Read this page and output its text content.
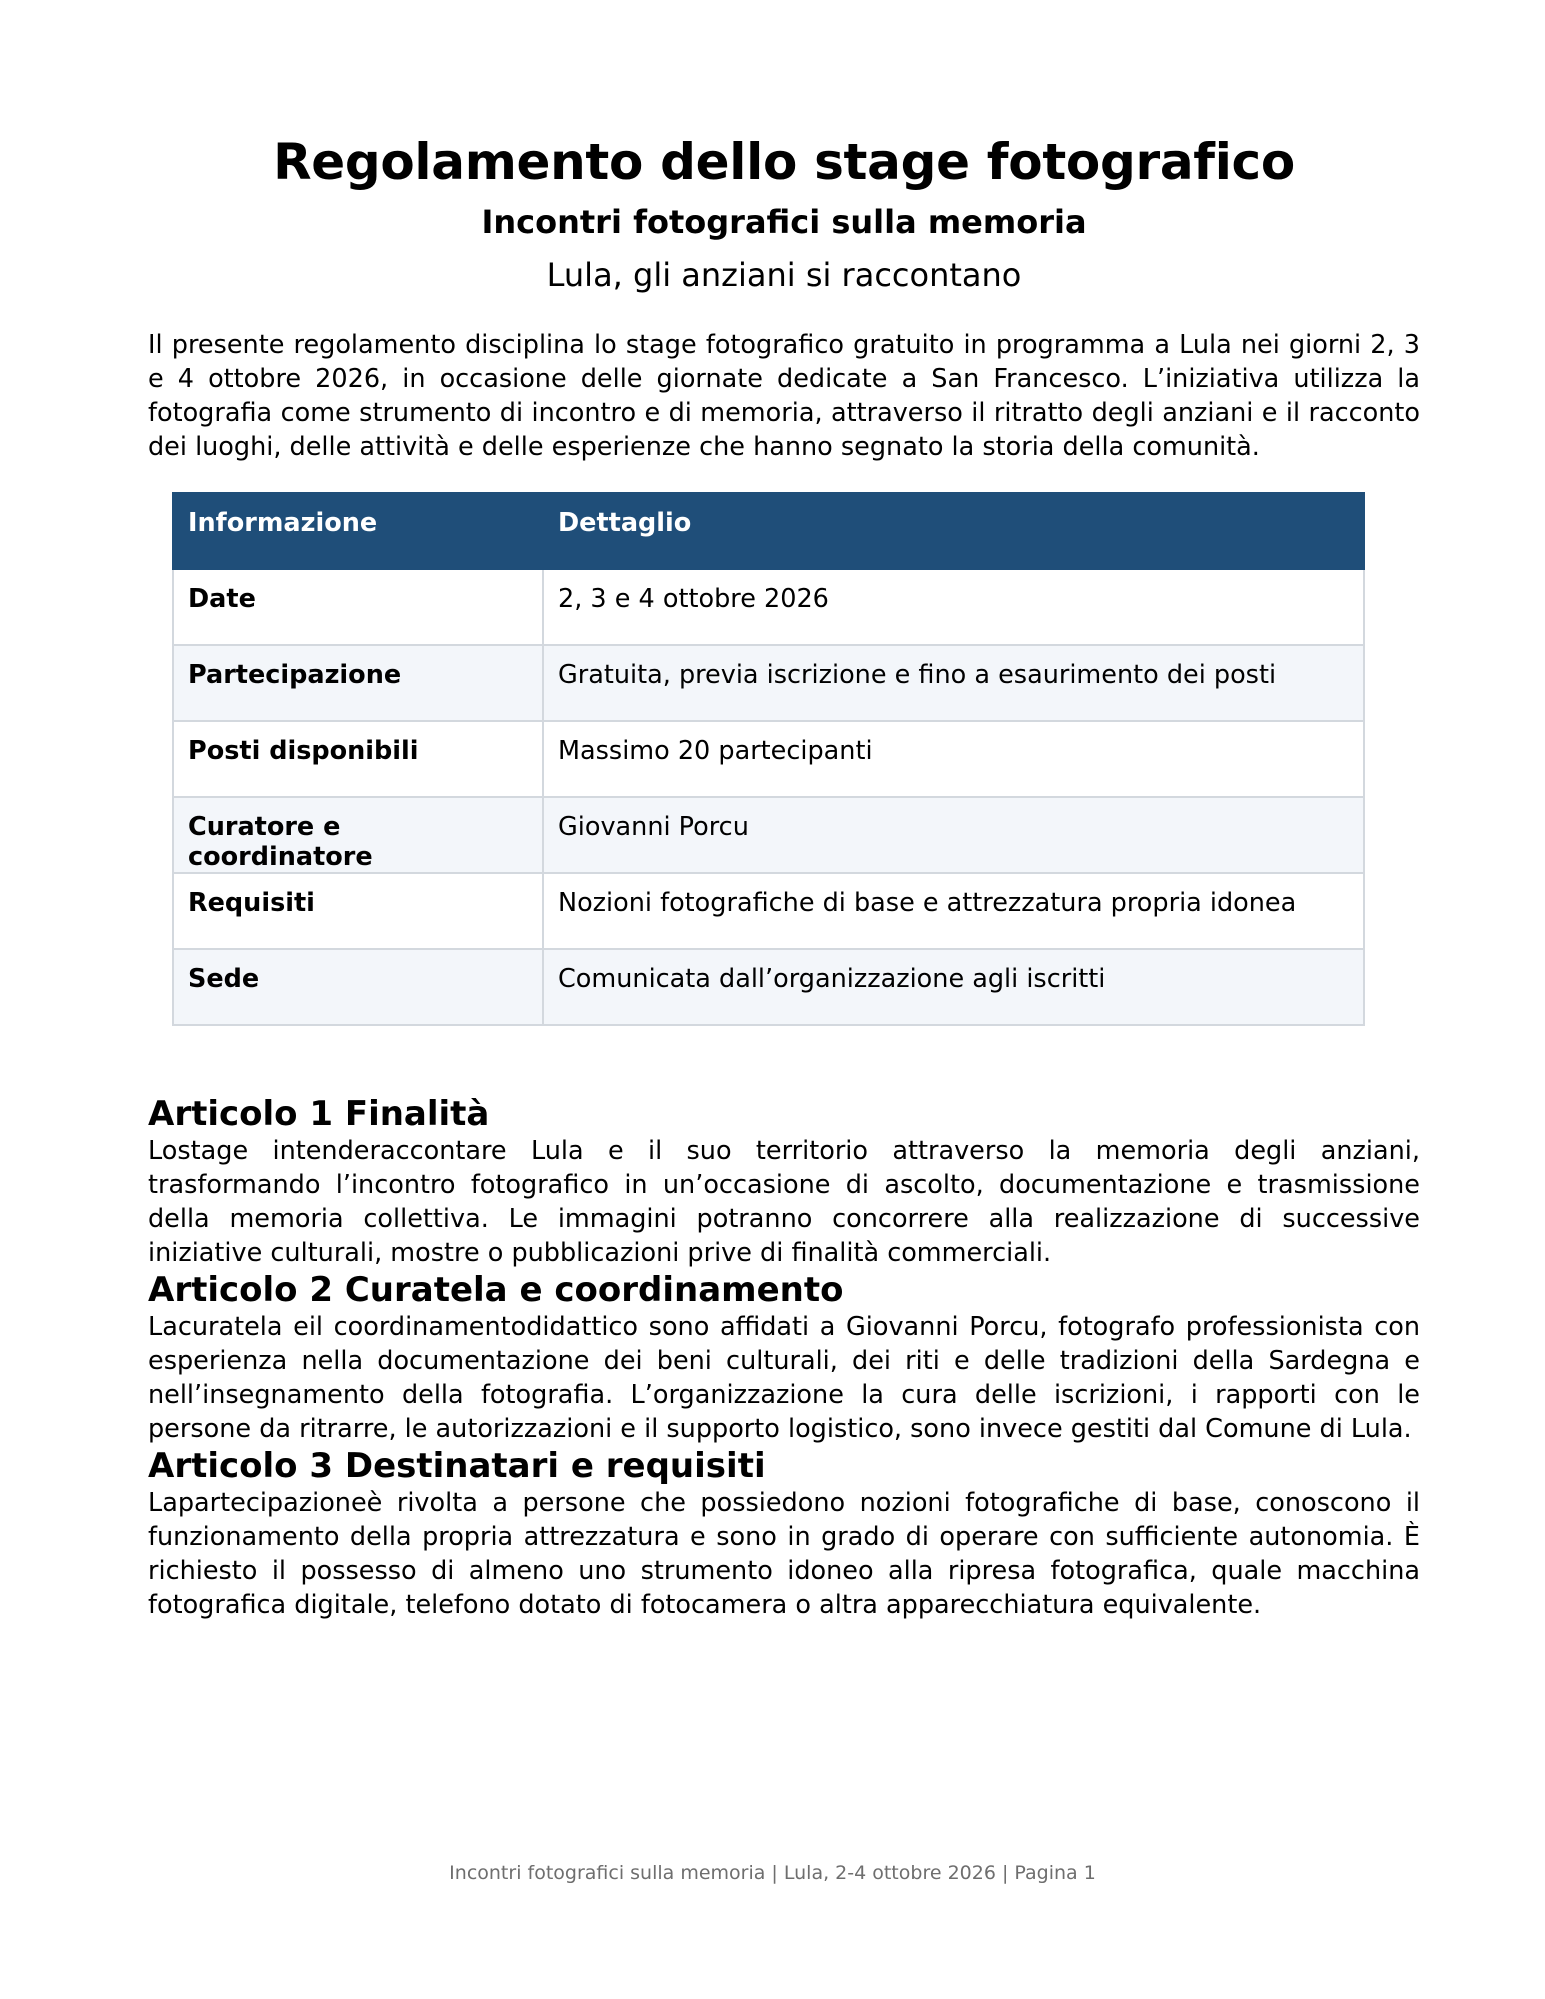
Regolamento dello stage fotografico
Incontri fotografici sulla memoria

Lula, gli anziani si raccontano

Il presente regolamento disciplina lo stage fotografico gratuito in programma a Lula nei giorni 2, 3 e 4 ottobre 2026, in occasione delle giornate dedicate a San Francesco. L’iniziativa utilizza la fotografia come strumento di incontro e di memoria, attraverso il ritratto degli anziani e il racconto dei luoghi, delle attività e delle esperienze che hanno segnato la storia della comunità.

Informazione	Dettaglio
Date	2, 3 e 4 ottobre 2026
Partecipazione	Gratuita, previa iscrizione e fino a esaurimento dei posti
Posti disponibili	Massimo 20 partecipanti
Curatore e coordinatore	Giovanni Porcu
Requisiti	Nozioni fotografiche di base e attrezzatura propria idonea
Sede	Comunicata dall’organizzazione agli iscritti
Articolo 1 Finalità

Lostage intenderaccontare Lula e il suo territorio attraverso la memoria degli anziani, trasformando l’incontro fotografico in un’occasione di ascolto, documentazione e trasmissione della memoria collettiva. Le immagini potranno concorrere alla realizzazione di successive iniziative culturali, mostre o pubblicazioni prive di finalità commerciali.

Articolo 2 Curatela e coordinamento

Lacuratela eil coordinamentodidattico sono affidati a Giovanni Porcu, fotografo professionista con esperienza nella documentazione dei beni culturali, dei riti e delle tradizioni della Sardegna e nell’insegnamento della fotografia. L’organizzazione la cura delle iscrizioni, i rapporti con le persone da ritrarre, le autorizzazioni e il supporto logistico, sono invece gestiti dal Comune di Lula.

Articolo 3 Destinatari e requisiti

Lapartecipazioneè rivolta a persone che possiedono nozioni fotografiche di base, conoscono il funzionamento della propria attrezzatura e sono in grado di operare con sufficiente autonomia. È richiesto il possesso di almeno uno strumento idoneo alla ripresa fotografica, quale macchina fotografica digitale, telefono dotato di fotocamera o altra apparecchiatura equivalente.

Incontri fotografici sulla memoria | Lula, 2-4 ottobre 2026 | Pagina 1
